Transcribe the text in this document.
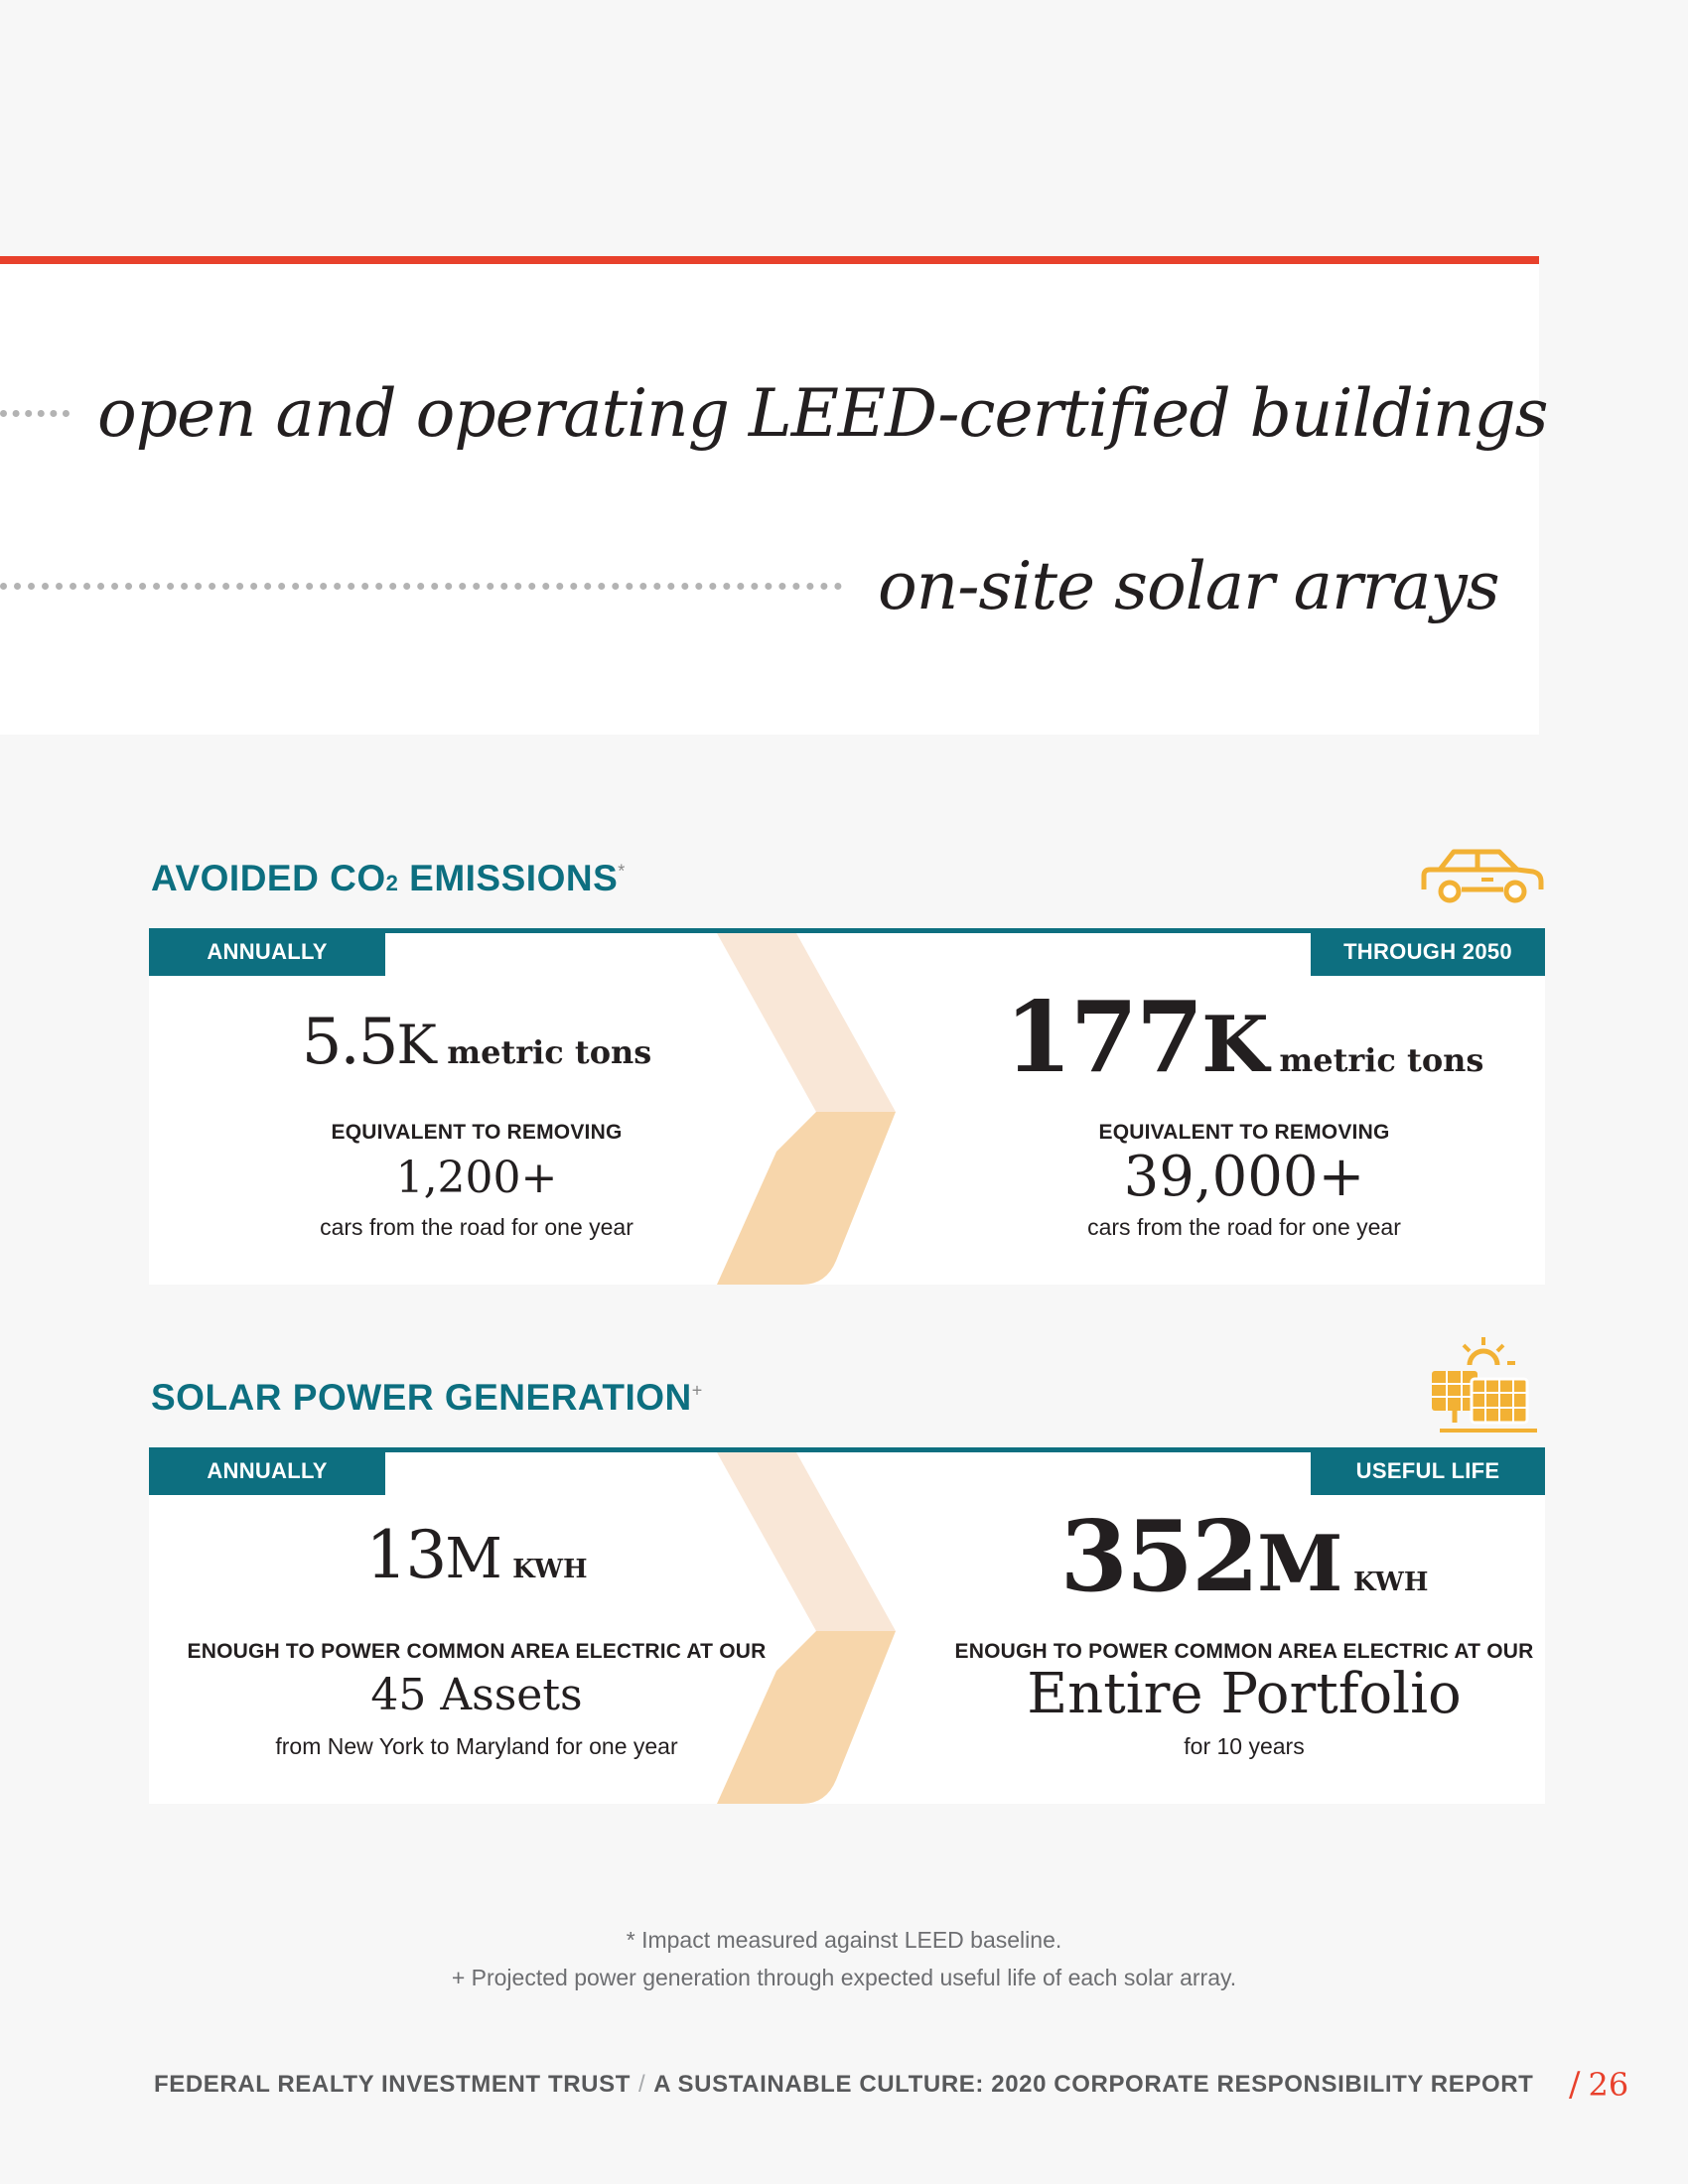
open and operating LEED-certified buildings
on-site solar arrays
AVOIDED CO2 EMISSIONS*
ANNUALLY	THROUGH 2050
5.5K metric tons
EQUIVALENT TO REMOVING
1,200+
cars from the road for one year
177K metric tons
EQUIVALENT TO REMOVING
39,000+
cars from the road for one year
SOLAR POWER GENERATION+
ANNUALLY	USEFUL LIFE
13M KWH
ENOUGH TO POWER COMMON AREA ELECTRIC AT OUR
45 Assets
from New York to Maryland for one year
352M KWH
ENOUGH TO POWER COMMON AREA ELECTRIC AT OUR
Entire Portfolio
for 10 years
* Impact measured against LEED baseline.
+ Projected power generation through expected useful life of each solar array.
FEDERAL REALTY INVESTMENT TRUST / A SUSTAINABLE CULTURE: 2020 CORPORATE RESPONSIBILITY REPORT / 26
